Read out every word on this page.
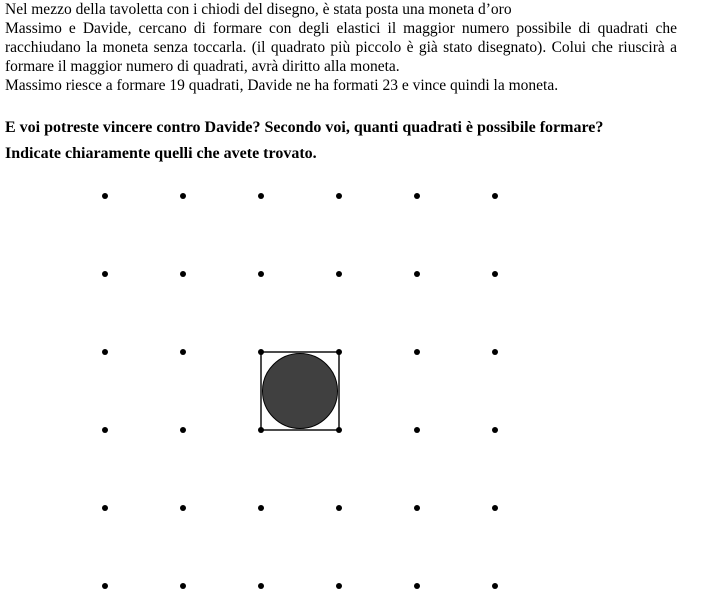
Nel mezzo della tavoletta con i chiodi del disegno, è stata posta una moneta d’oro

Massimo e Davide, cercano di formare con degli elastici il maggior numero possibile di quadrati che racchiudano la moneta senza toccarla. (il quadrato più piccolo è già stato disegnato). Colui che riuscirà a formare il maggior numero di quadrati, avrà diritto alla moneta.

Massimo riesce a formare 19 quadrati, Davide ne ha formati 23 e vince quindi la moneta.

E voi potreste vincere contro Davide? Secondo voi, quanti quadrati è possibile formare?

Indicate chiaramente quelli che avete trovato.
